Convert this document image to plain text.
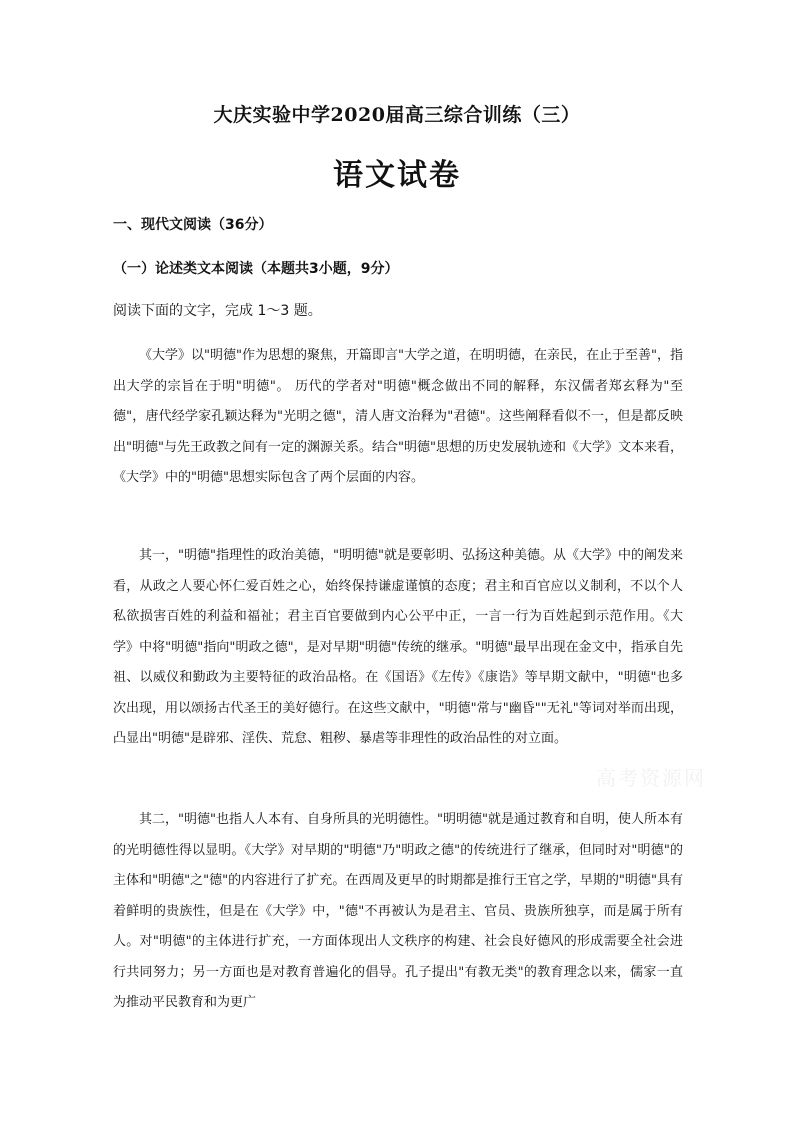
大庆实验中学2020届高三综合训练（三）
语文试卷
一、现代文阅读（36分）
（一）论述类文本阅读（本题共3小题，9分）
阅读下面的文字，完成 1～3 题。

《大学》以"明德"作为思想的聚焦，开篇即言"大学之道，在明明德，在亲民，在止于至善"，指出大学的宗旨在于明"明德"。 历代的学者对"明德"概念做出不同的解释，东汉儒者郑玄释为"至德"，唐代经学家孔颖达释为"光明之德"，清人唐文治释为"君德"。这些阐释看似不一，但是都反映出"明德"与先王政教之间有一定的渊源关系。结合"明德"思想的历史发展轨迹和《大学》文本来看，《大学》中的"明德"思想实际包含了两个层面的内容。

其一，"明德"指理性的政治美德，"明明德"就是要彰明、弘扬这种美德。从《大学》中的阐发来看，从政之人要心怀仁爱百姓之心，始终保持谦虚谨慎的态度；君主和百官应以义制利，不以个人私欲损害百姓的利益和福祉；君主百官要做到内心公平中正，一言一行为百姓起到示范作用。《大学》中将"明德"指向"明政之德"，是对早期"明德"传统的继承。"明德"最早出现在金文中，指承自先祖、以威仪和勤政为主要特征的政治品格。在《国语》《左传》《康诰》等早期文献中，"明德"也多次出现，用以颂扬古代圣王的美好德行。在这些文献中，"明德"常与"幽昏""无礼"等词对举而出现，凸显出"明德"是辟邪、淫佚、荒怠、粗秽、暴虐等非理性的政治品性的对立面。

其二，"明德"也指人人本有、自身所具的光明德性。"明明德"就是通过教育和自明，使人所本有的光明德性得以显明。《大学》对早期的"明德"乃"明政之德"的传统进行了继承，但同时对"明德"的主体和"明德"之"德"的内容进行了扩充。在西周及更早的时期都是推行王官之学，早期的"明德"具有着鲜明的贵族性，但是在《大学》中，"德"不再被认为是君主、官员、贵族所独享，而是属于所有人。对"明德"的主体进行扩充，一方面体现出人文秩序的构建、社会良好德风的形成需要全社会进行共同努力；另一方面也是对教育普遍化的倡导。孔子提出"有教无类"的教育理念以来，儒家一直为推动平民教育和为更广

高考资源网
